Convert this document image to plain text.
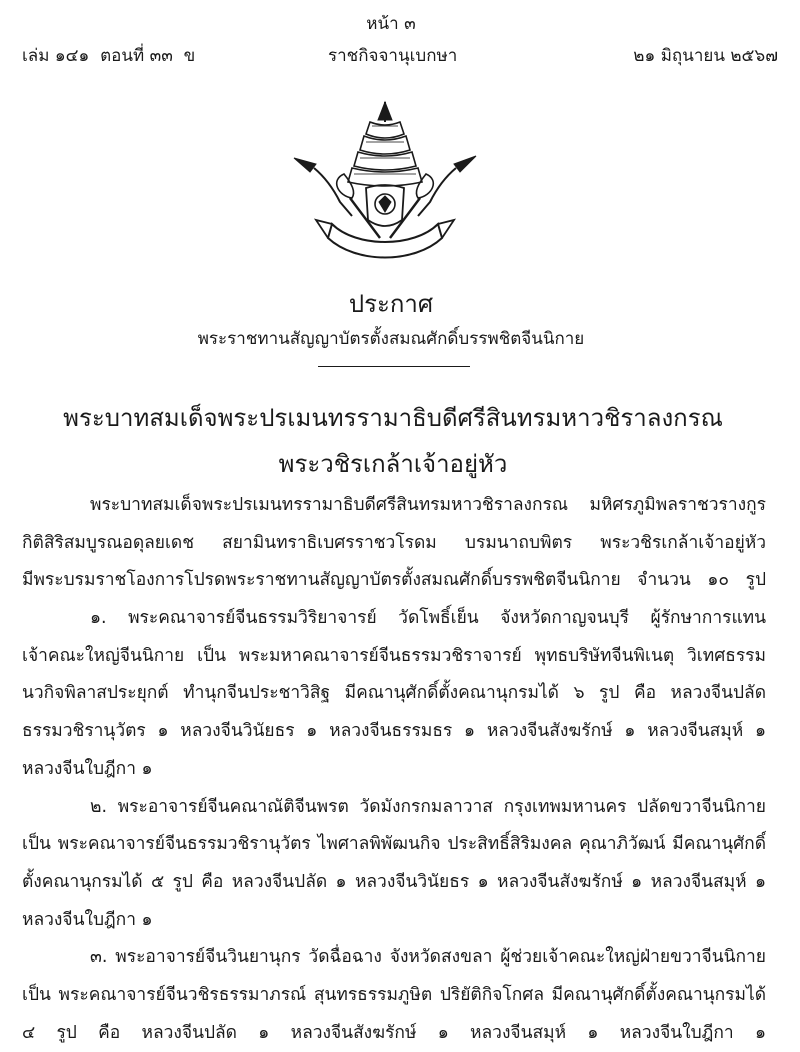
หน้า ๓
เล่ม ๑๔๑  ตอนที่ ๓๓  ข	ราชกิจจานุเบกษา	๒๑ มิถุนายน ๒๕๖๗
ประกาศ
พระราชทานสัญญาบัตรตั้งสมณศักดิ์บรรพชิตจีนนิกาย
พระบาทสมเด็จพระปรเมนทรรามาธิบดีศรีสินทรมหาวชิราลงกรณ
พระวชิรเกล้าเจ้าอยู่หัว
พระบาทสมเด็จพระปรเมนทรรามาธิบดีศรีสินทรมหาวชิราลงกรณ มหิศรภูมิพลราชวรางกูร
กิติสิริสมบูรณอดุลยเดช สยามินทราธิเบศรราชวโรดม บรมนาถบพิตร พระวชิรเกล้าเจ้าอยู่หัว
มีพระบรมราชโองการโปรดพระราชทานสัญญาบัตรตั้งสมณศักดิ์บรรพชิตจีนนิกาย จำนวน ๑๐ รูป
๑. พระคณาจารย์จีนธรรมวิริยาจารย์ วัดโพธิ์เย็น จังหวัดกาญจนบุรี ผู้รักษาการแทน
เจ้าคณะใหญ่จีนนิกาย เป็น พระมหาคณาจารย์จีนธรรมวชิราจารย์ พุทธบริษัทจีนพิเนตุ วิเทศธรรม
นวกิจพิลาสประยุกต์ ทำนุกจีนประชาวิสิฐ มีคณานุศักดิ์ตั้งคณานุกรมได้ ๖ รูป คือ หลวงจีนปลัด
ธรรมวชิรานุวัตร ๑ หลวงจีนวินัยธร ๑ หลวงจีนธรรมธร ๑ หลวงจีนสังฆรักษ์ ๑ หลวงจีนสมุห์ ๑
หลวงจีนใบฎีกา ๑
๒. พระอาจารย์จีนคณาณัติจีนพรต วัดมังกรกมลาวาส กรุงเทพมหานคร ปลัดขวาจีนนิกาย
เป็น พระคณาจารย์จีนธรรมวชิรานุวัตร ไพศาลพิพัฒนกิจ ประสิทธิ์สิริมงคล คุณาภิวัฒน์ มีคณานุศักดิ์
ตั้งคณานุกรมได้ ๕ รูป คือ หลวงจีนปลัด ๑ หลวงจีนวินัยธร ๑ หลวงจีนสังฆรักษ์ ๑ หลวงจีนสมุห์ ๑
หลวงจีนใบฎีกา ๑
๓. พระอาจารย์จีนวินยานุกร วัดฉื่อฉาง จังหวัดสงขลา ผู้ช่วยเจ้าคณะใหญ่ฝ่ายขวาจีนนิกาย
เป็น พระคณาจารย์จีนวชิรธรรมาภรณ์ สุนทรธรรมภูษิต ปริยัติกิจโกศล มีคณานุศักดิ์ตั้งคณานุกรมได้
๔ รูป คือ หลวงจีนปลัด ๑ หลวงจีนสังฆรักษ์ ๑ หลวงจีนสมุห์ ๑ หลวงจีนใบฎีกา ๑
